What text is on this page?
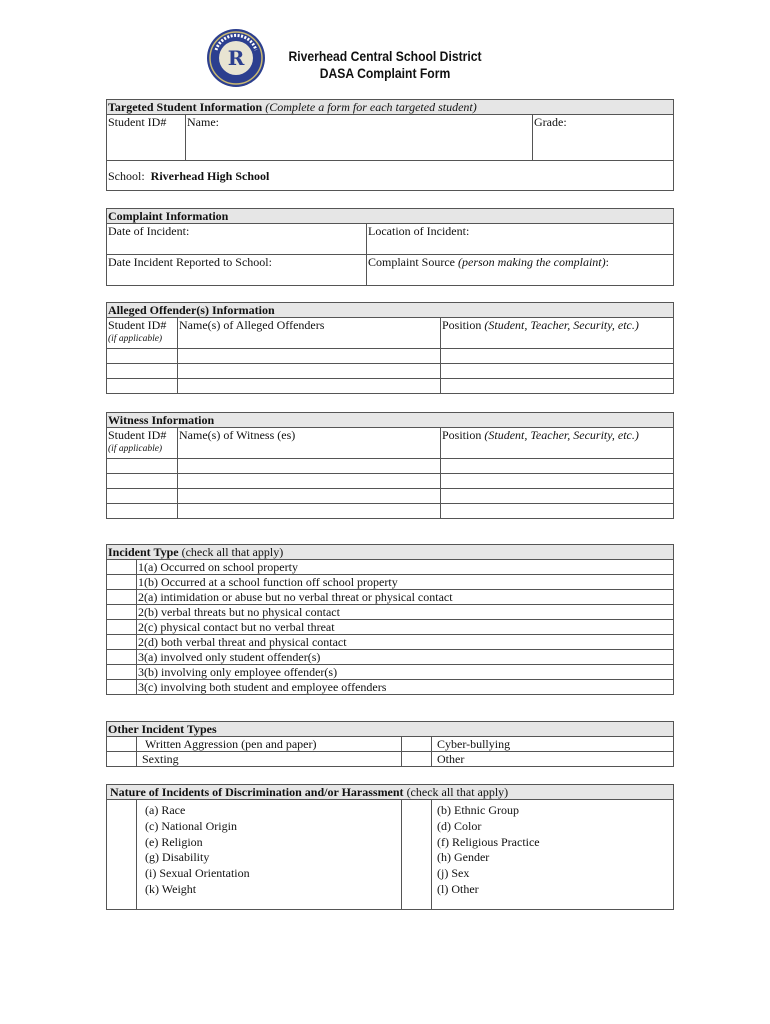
R	Riverhead Central School District
DASA Complaint Form
Targeted Student Information (Complete a form for each targeted student)
Student ID#	Name:	Grade:
School: Riverhead High School
Complaint Information	
Date of Incident:	Location of Incident:
Date Incident Reported to School:	Complaint Source (person making the complaint):
Alleged Offender(s) Information		
Student ID#
(if applicable)	Name(s) of Alleged Offenders	Position (Student, Teacher, Security, etc.)

Witness Information		
Student ID#
(if applicable)	Name(s) of Witness (es)	Position (Student, Teacher, Security, etc.)

Incident Type (check all that apply)	
	1(a) Occurred on school property
	1(b) Occurred at a school function off school property
	2(a) intimidation or abuse but no verbal threat or physical contact
	2(b) verbal threats but no physical contact
	2(c) physical contact but no verbal threat
	2(d) both verbal threat and physical contact
	3(a) involved only student offender(s)
	3(b) involving only employee offender(s)
	3(c) involving both student and employee offenders
Other Incident Types			
	Written Aggression (pen and paper)		Cyber-bullying
	Sexting		Other
Nature of Incidents of Discrimination and/or Harassment (check all that apply)

(a) Race
(c) National Origin
(e) Religion
(g) Disability
(i) Sexual Orientation
(k) Weight

(b) Ethnic Group
(d) Color
(f) Religious Practice
(h) Gender
(j) Sex
(l) Other
